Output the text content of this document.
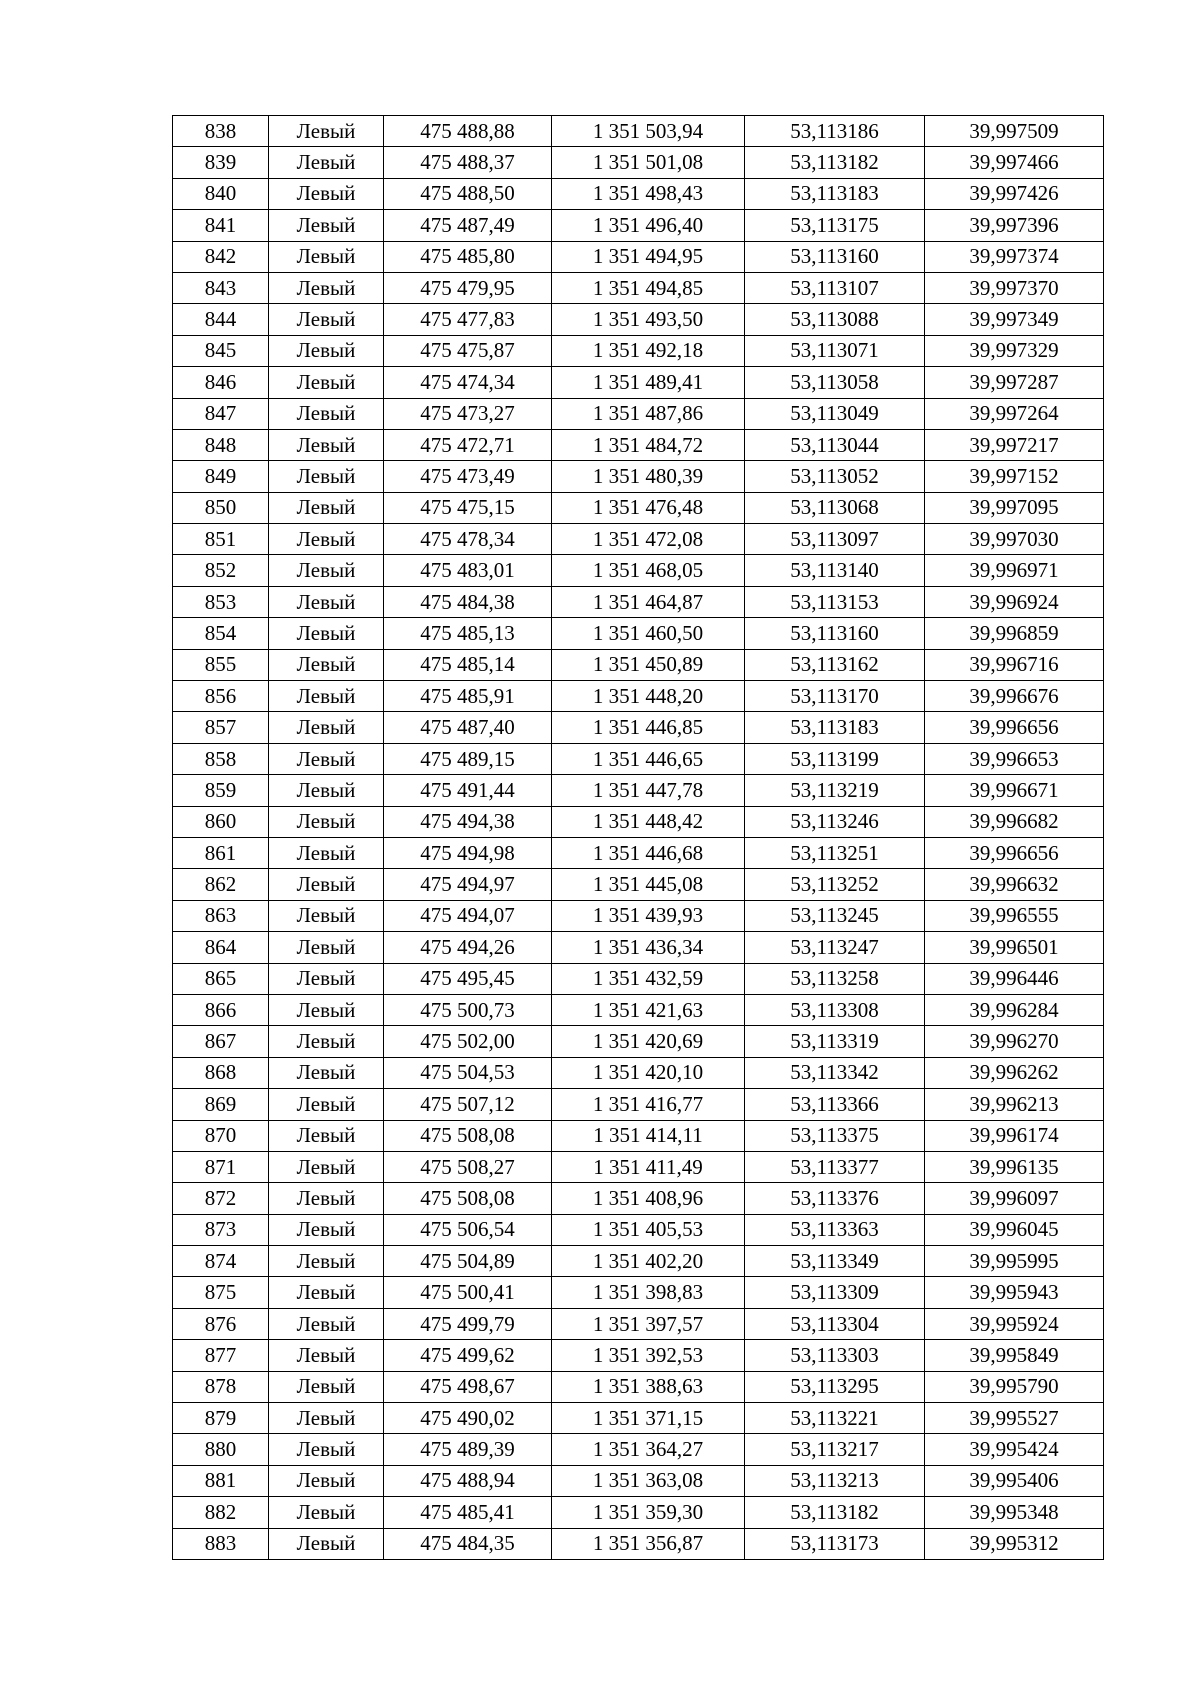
838	Левый	475 488,88	1 351 503,94	53,113186	39,997509
839	Левый	475 488,37	1 351 501,08	53,113182	39,997466
840	Левый	475 488,50	1 351 498,43	53,113183	39,997426
841	Левый	475 487,49	1 351 496,40	53,113175	39,997396
842	Левый	475 485,80	1 351 494,95	53,113160	39,997374
843	Левый	475 479,95	1 351 494,85	53,113107	39,997370
844	Левый	475 477,83	1 351 493,50	53,113088	39,997349
845	Левый	475 475,87	1 351 492,18	53,113071	39,997329
846	Левый	475 474,34	1 351 489,41	53,113058	39,997287
847	Левый	475 473,27	1 351 487,86	53,113049	39,997264
848	Левый	475 472,71	1 351 484,72	53,113044	39,997217
849	Левый	475 473,49	1 351 480,39	53,113052	39,997152
850	Левый	475 475,15	1 351 476,48	53,113068	39,997095
851	Левый	475 478,34	1 351 472,08	53,113097	39,997030
852	Левый	475 483,01	1 351 468,05	53,113140	39,996971
853	Левый	475 484,38	1 351 464,87	53,113153	39,996924
854	Левый	475 485,13	1 351 460,50	53,113160	39,996859
855	Левый	475 485,14	1 351 450,89	53,113162	39,996716
856	Левый	475 485,91	1 351 448,20	53,113170	39,996676
857	Левый	475 487,40	1 351 446,85	53,113183	39,996656
858	Левый	475 489,15	1 351 446,65	53,113199	39,996653
859	Левый	475 491,44	1 351 447,78	53,113219	39,996671
860	Левый	475 494,38	1 351 448,42	53,113246	39,996682
861	Левый	475 494,98	1 351 446,68	53,113251	39,996656
862	Левый	475 494,97	1 351 445,08	53,113252	39,996632
863	Левый	475 494,07	1 351 439,93	53,113245	39,996555
864	Левый	475 494,26	1 351 436,34	53,113247	39,996501
865	Левый	475 495,45	1 351 432,59	53,113258	39,996446
866	Левый	475 500,73	1 351 421,63	53,113308	39,996284
867	Левый	475 502,00	1 351 420,69	53,113319	39,996270
868	Левый	475 504,53	1 351 420,10	53,113342	39,996262
869	Левый	475 507,12	1 351 416,77	53,113366	39,996213
870	Левый	475 508,08	1 351 414,11	53,113375	39,996174
871	Левый	475 508,27	1 351 411,49	53,113377	39,996135
872	Левый	475 508,08	1 351 408,96	53,113376	39,996097
873	Левый	475 506,54	1 351 405,53	53,113363	39,996045
874	Левый	475 504,89	1 351 402,20	53,113349	39,995995
875	Левый	475 500,41	1 351 398,83	53,113309	39,995943
876	Левый	475 499,79	1 351 397,57	53,113304	39,995924
877	Левый	475 499,62	1 351 392,53	53,113303	39,995849
878	Левый	475 498,67	1 351 388,63	53,113295	39,995790
879	Левый	475 490,02	1 351 371,15	53,113221	39,995527
880	Левый	475 489,39	1 351 364,27	53,113217	39,995424
881	Левый	475 488,94	1 351 363,08	53,113213	39,995406
882	Левый	475 485,41	1 351 359,30	53,113182	39,995348
883	Левый	475 484,35	1 351 356,87	53,113173	39,995312
